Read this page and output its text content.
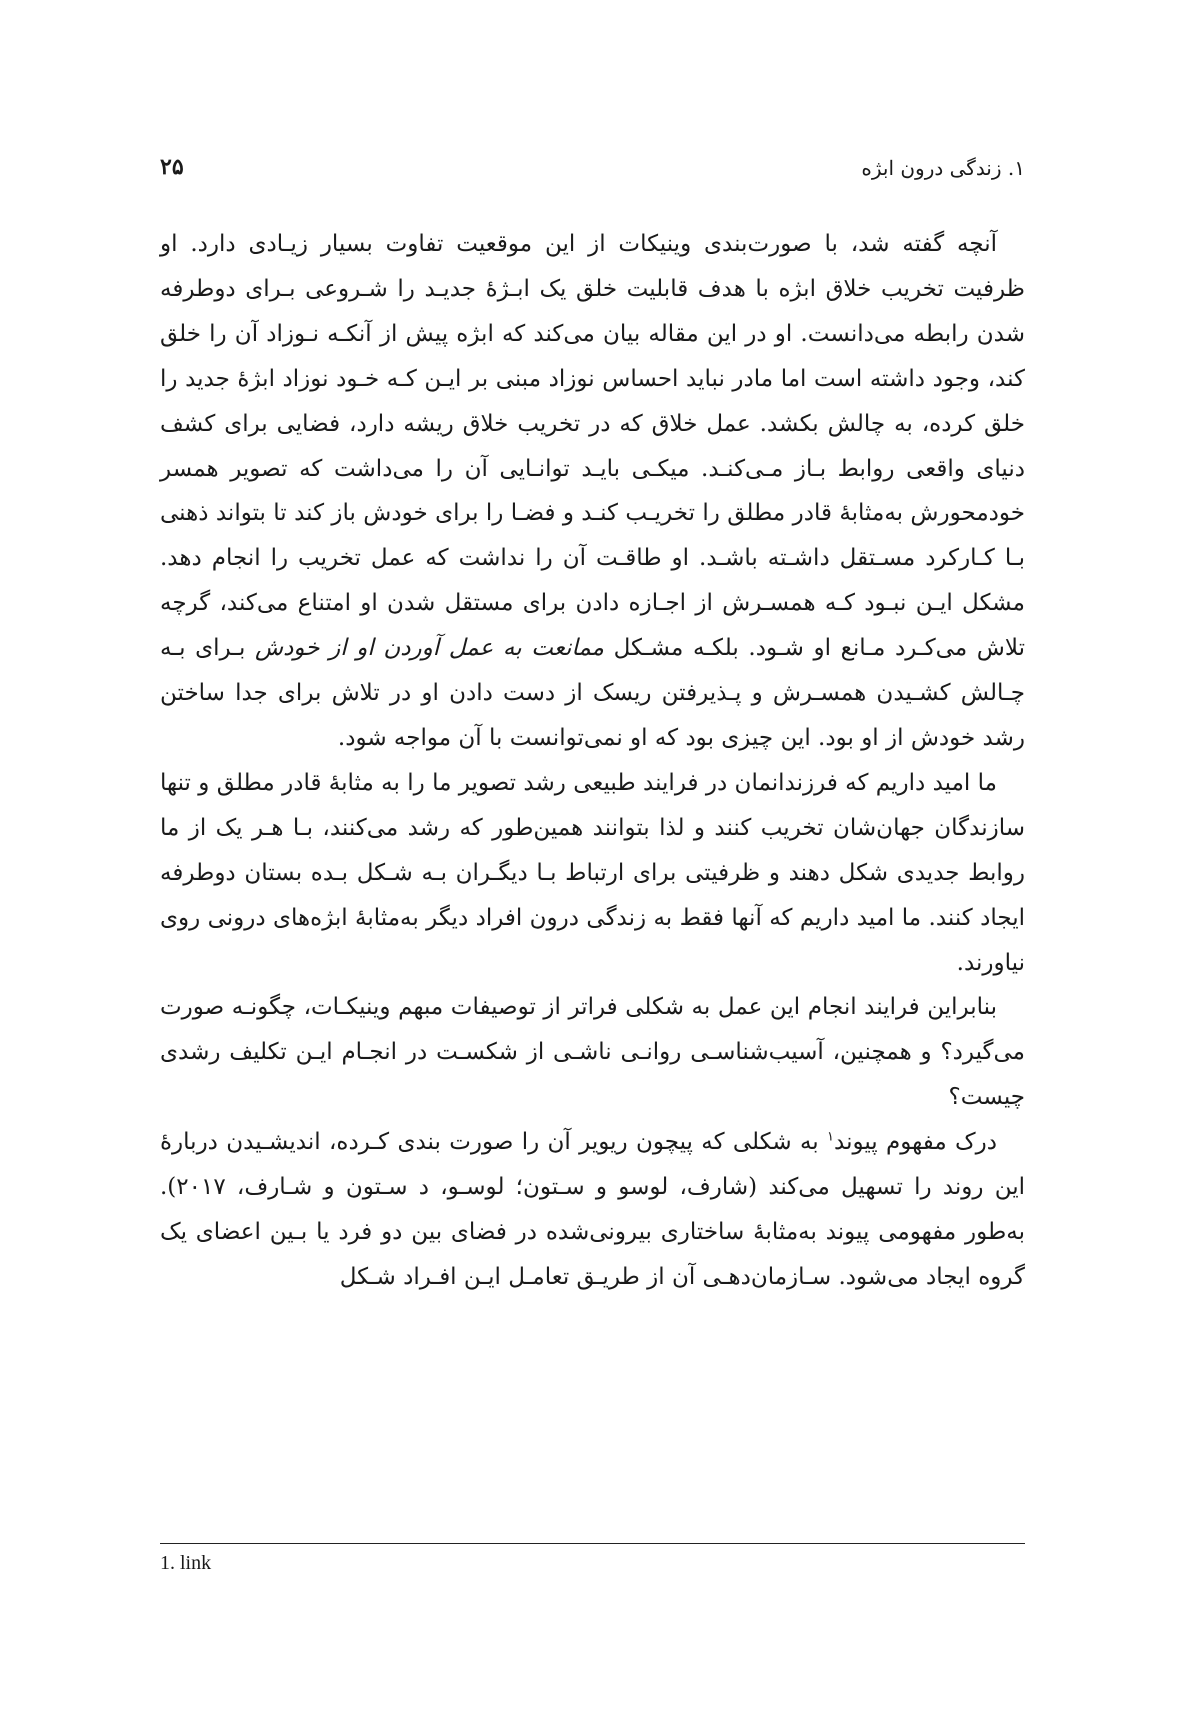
۱. زندگی درون ابژه
۲۵

آنچه گفته شد، با صورت‌بندی وینیکات از این موقعیت تفاوت بسیار زیـادی دارد. او ظرفیت تخریب خلاق ابژه با هدف قابلیت خلق یک ابـژۀ جدیـد را شـروعی بـرای دوطرفه شدن رابطه می‌دانست. او در این مقاله بیان می‌کند که ابژه پیش از آنکـه نـوزاد آن را خلق کند، وجود داشته است اما مادر نباید احساس نوزاد مبنی بر ایـن کـه خـود نوزاد ابژۀ جدید را خلق کرده، به چالش بکشد. عمل خلاق که در تخریب خلاق ریشه دارد، فضایی برای کشف دنیای واقعی روابط بـاز مـی‌کنـد. میکـی بایـد توانـایی آن را می‌داشت که تصویر همسر خودمحورش به‌مثابۀ قادر مطلق را تخریـب کنـد و فضـا را برای خودش باز کند تا بتواند ذهنی بـا کـارکرد مسـتقل داشـته باشـد. او طاقـت آن را نداشت که عمل تخریب را انجام دهد. مشکل ایـن نبـود کـه همسـرش از اجـازه دادن برای مستقل شدن او امتناع می‌کند، گرچه تلاش می‌کـرد مـانع او شـود. بلکـه مشـکل ممانعت به عمل آوردن او از خودش بـرای بـه چـالش کشـیدن همسـرش و پـذیرفتن ریسک از دست دادن او در تلاش برای جدا ساختن رشد خودش از او بود. این چیزی بود که او نمی‌توانست با آن مواجه شود.

ما امید داریم که فرزندانمان در فرایند طبیعی رشد تصویر ما را به مثابۀ قادر مطلق و تنها سازندگان جهان‌شان تخریب کنند و لذا بتوانند همین‌طور که رشد می‌کنند، بـا هـر یک از ما روابط جدیدی شکل دهند و ظرفیتی برای ارتباط بـا دیگـران بـه شـکل بـده بستان دوطرفه ایجاد کنند. ما امید داریم که آنها فقط به زندگی درون افراد دیگر به‌مثابۀ ابژه‌های درونی روی نیاورند.

بنابراین فرایند انجام این عمل به شکلی فراتر از توصیفات مبهم وینیکـات، چگونـه صورت می‌گیرد؟ و همچنین، آسیب‌شناسـی روانـی ناشـی از شکسـت در انجـام ایـن تکلیف رشدی چیست؟

درک مفهوم پیوند$^۱$ به شکلی که پیچون ریویر آن را صورت بندی کـرده، اندیشـیدن دربارۀ این روند را تسهیل می‌کند (شارف، لوسو و سـتون؛ لوسـو، د سـتون و شـارف، ۲۰۱۷). به‌طور مفهومی پیوند به‌مثابۀ ساختاری بیرونی‌شده در فضای بین دو فرد یا بـین اعضای یک گروه ایجاد می‌شود. سـازمان‌دهـی آن از طریـق تعامـل ایـن افـراد شـکل

1. link
